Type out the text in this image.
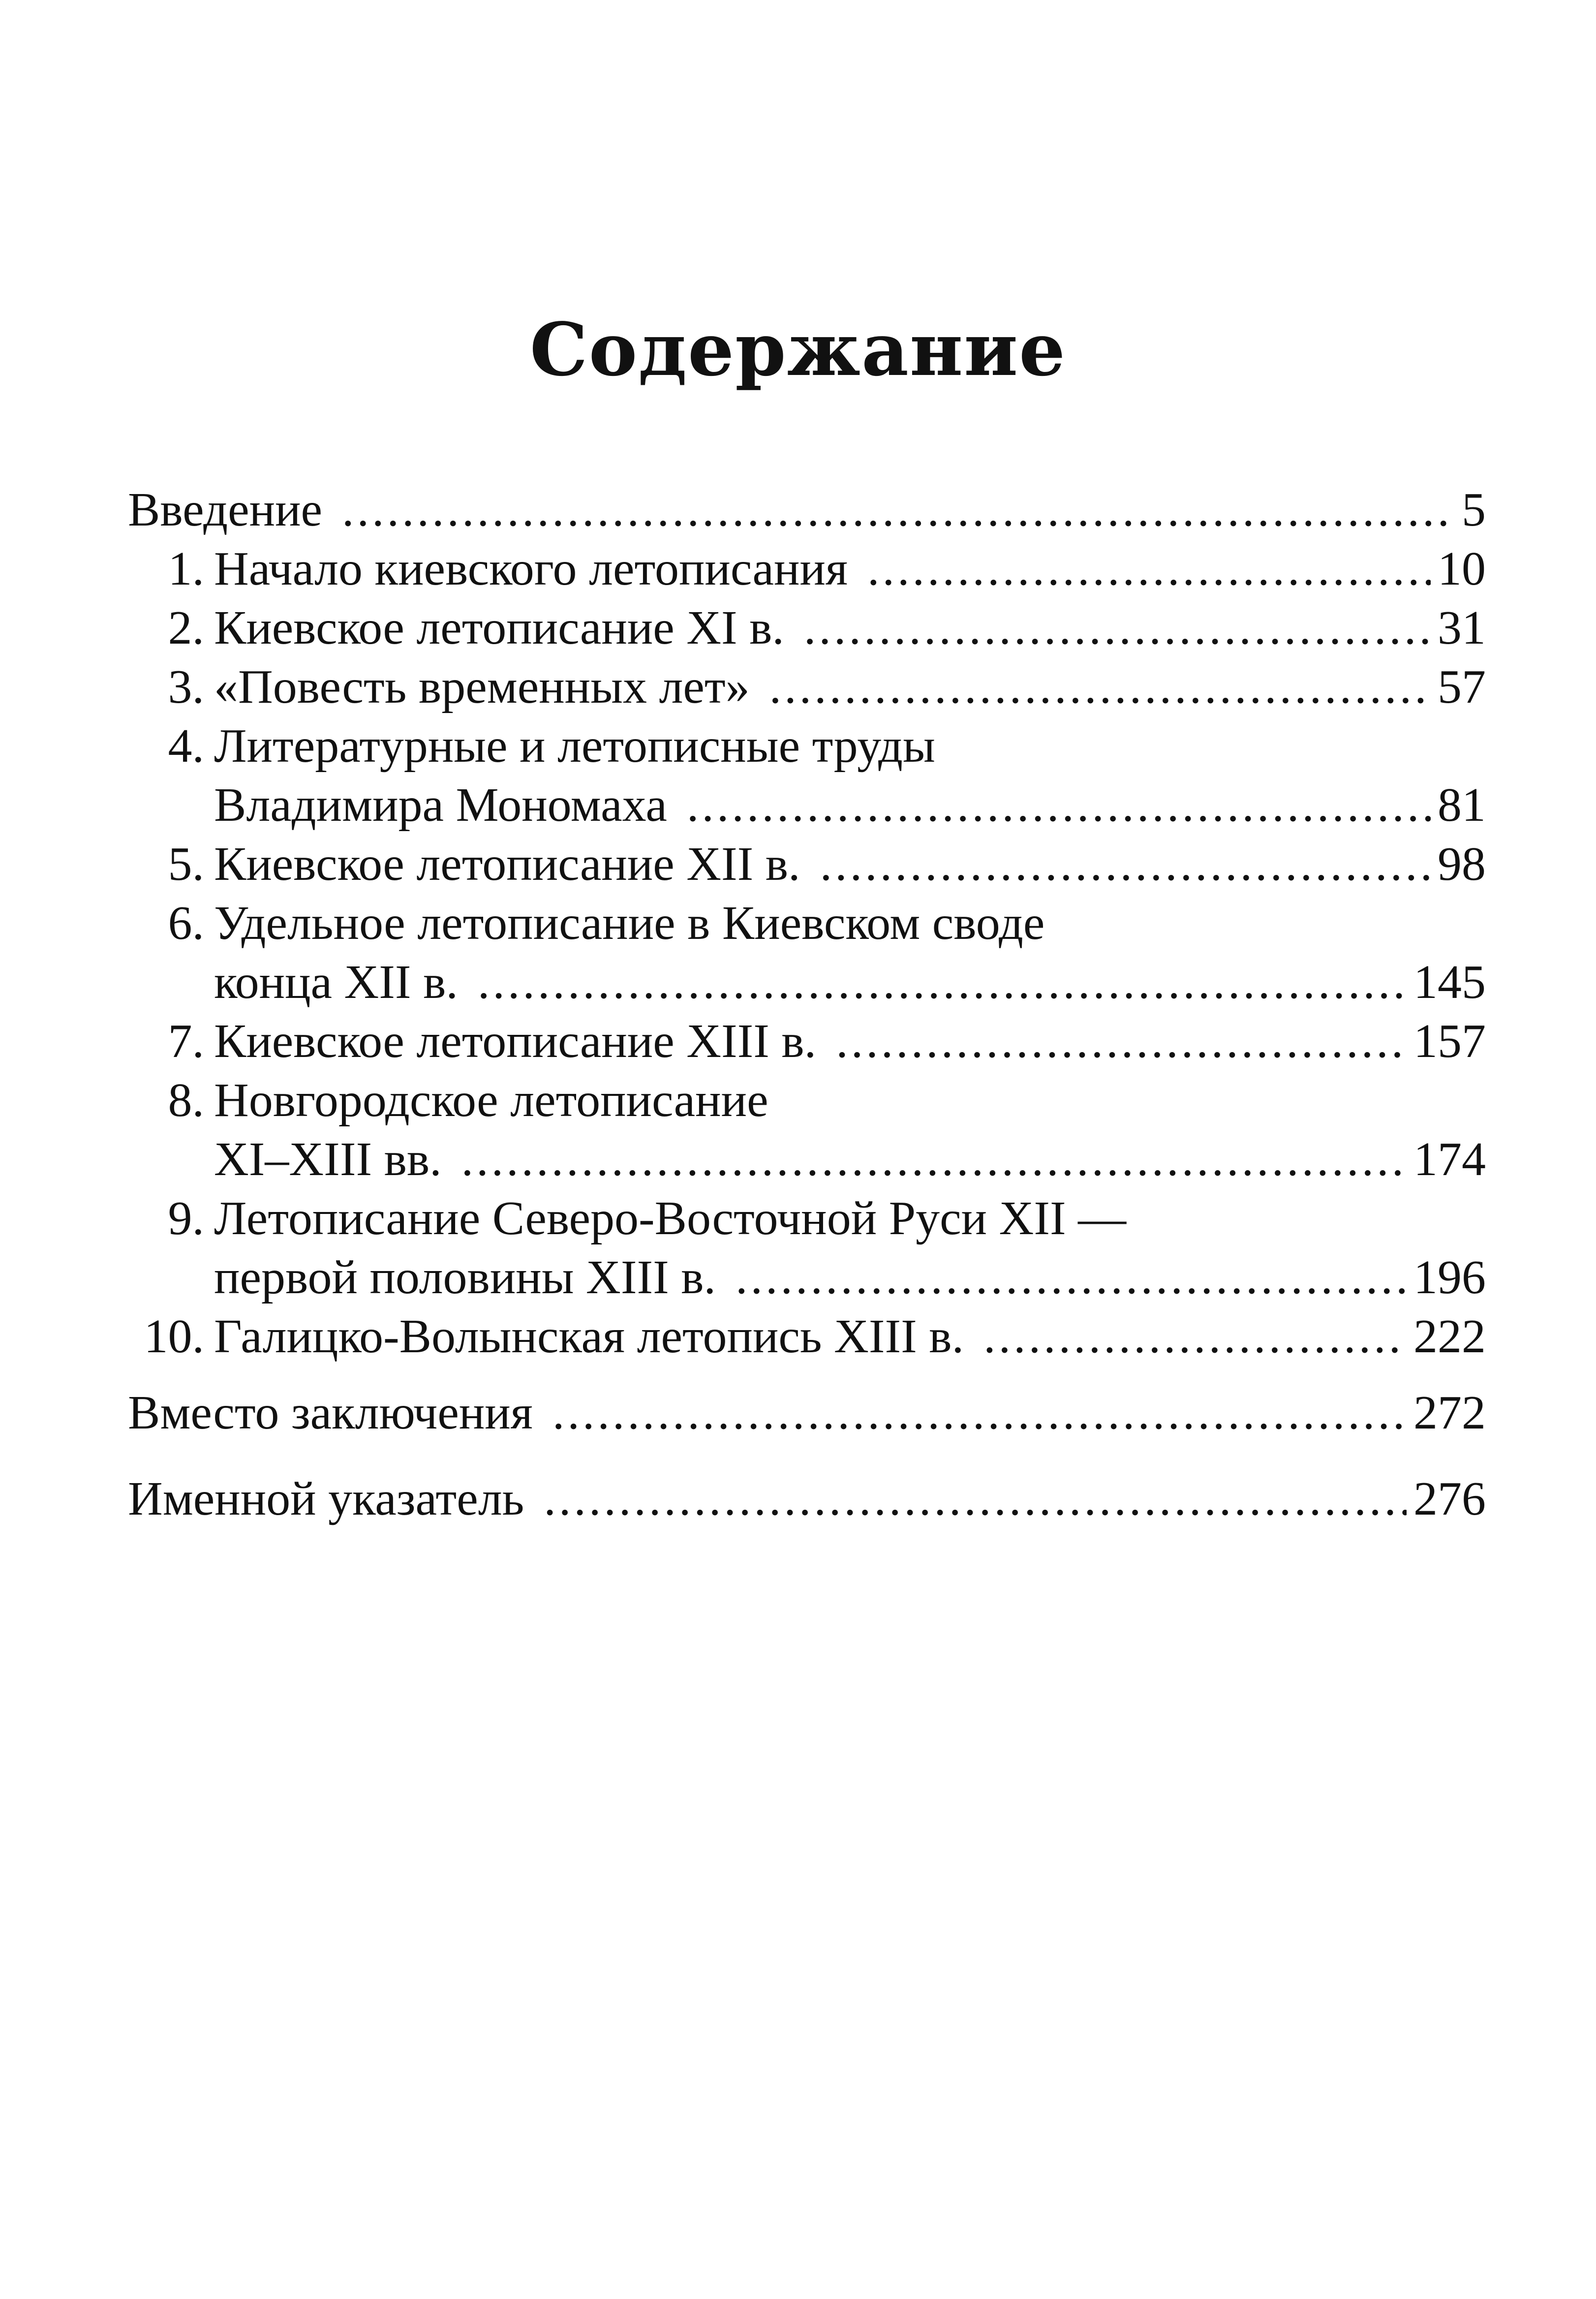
Содержание
Введение .....	5
1. Начало киевского летописания .....	10
2. Киевское летописание XI в. .....	31
3. «Повесть временных лет» .....	57
4. Литературные и летописные труды
Владимира Мономаха .....	81
5. Киевское летописание XII в. .....	98
6. Удельное летописание в Киевском своде
конца XII в. .....	145
7. Киевское летописание XIII в. .....	157
8. Новгородское летописание
XI–XIII вв. .....	174
9. Летописание Северо-Восточной Руси XII —
первой половины XIII в. .....	196
10. Галицко-Волынская летопись XIII в. .....	222
Вместо заключения .....	272
Именной указатель .....	276
